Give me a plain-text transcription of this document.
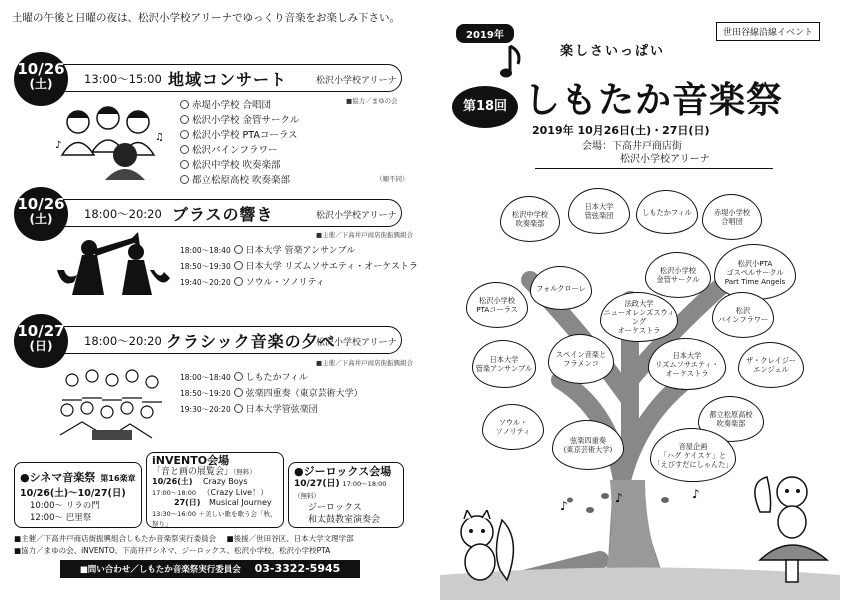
土曜の午後と日曜の夜は、松沢小学校アリーナでゆっくり音楽をお楽しみ下さい。
10/26
(土)	13:00〜15:00 地域コンサート	松沢小学校アリーナ
■協力／まゆの会
♪
♫
赤堤小学校 合唱団
松沢小学校 金管サークル
松沢小学校 PTAコーラス
松沢バインフラワー
松沢中学校 吹奏楽部
都立松原高校 吹奏楽部	（順不同）
10/26
(土)	18:00〜20:20 ブラスの響き	松沢小学校アリーナ
■主催／下高井戸商店街振興組合
18:00〜18:40 日本大学 管楽アンサンブル
18:50〜19:30 日本大学 リズムソサエティ・オーケストラ
19:40〜20:20 ソウル・ソノリティ
10/27
(日)	18:00〜20:20 クラシック音楽の夕べ
松沢小学校アリーナ
■主催／下高井戸商店街振興組合
18:00〜18:40 しもたかフィル
18:50〜19:20 弦楽四重奏（東京芸術大学）
19:30〜20:20 日本大学管弦楽団
●シネマ音楽祭 第16楽章
10/26(土)〜10/27(日)
10:00〜 リラの門
12:00〜 巴里祭
iNVENTO会場
「音と画の展覧会」（無料）
10/26(土) Crazy Boys
17:00〜18:00 （Crazy Live！）
27(日) Musical Journey
13:30〜16:00 ＋美しい歌を歌う会「秋、祭り」
●ジーロックス会場
10/27(日) 17:00〜18:00（無料）
ジーロックス
和太鼓教室演奏会
■主催／下高井戸商店街振興組合しもたか音楽祭実行委員会 ■後援／世田谷区、日本大学文理学部
■協力／まゆの会、iNVENTO、下高井戸シネマ、ジーロックス、松沢小学校、松沢小学校PTA
■問い合わせ／しもたか音楽祭実行委員会 03-3322-5945
世田谷線沿線イベント
2019年
楽しさいっぱい
第18回 しもたか音楽祭
2019年 10月26日(土)・27日(日)
会場：下高井戸商店街
松沢小学校アリーナ
♪
♪	♪
松沢中学校
吹奏楽部
日本大学
管弦楽団	しもたかフィル	赤堤小学校
合唱団
松沢小学校
金管サークル
松沢小PTA
ゴスペルサークル
Part Time Angels
松沢小学校
PTAコーラス
フォルクローレ
法政大学
ニューオレンズスウィング
オーケストラ
松沢
バインフラワー
日本大学
管楽アンサンブル
スペイン音楽と
フラメンコ
日本大学
リズムソサエティ・
オーケストラ
ザ・クレイジー
エンジェル
都立松原高校
吹奏楽部
ソウル・
ソノリティ
弦楽四重奏
(東京芸術大学)	音屋企画
「ハグ ケイスケ」と
「えびすだにしゃんた」
